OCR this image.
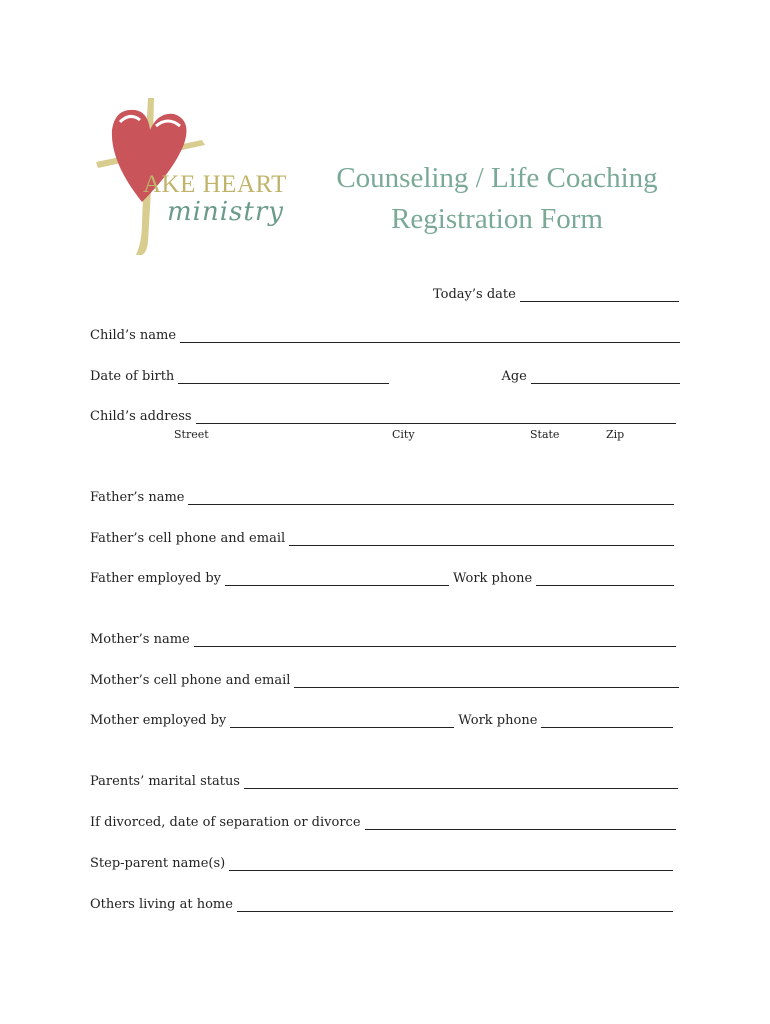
AKE HEART
ministry
Counseling / Life Coaching
Registration Form
Today’s date
Child’s name
Date of birth	Age
Child’s address
Street	City	State	Zip
Father’s name
Father’s cell phone and email
Father employed by	Work phone
Mother’s name
Mother’s cell phone and email
Mother employed by	Work phone
Parents’ marital status
If divorced, date of separation or divorce
Step-parent name(s)
Others living at home
